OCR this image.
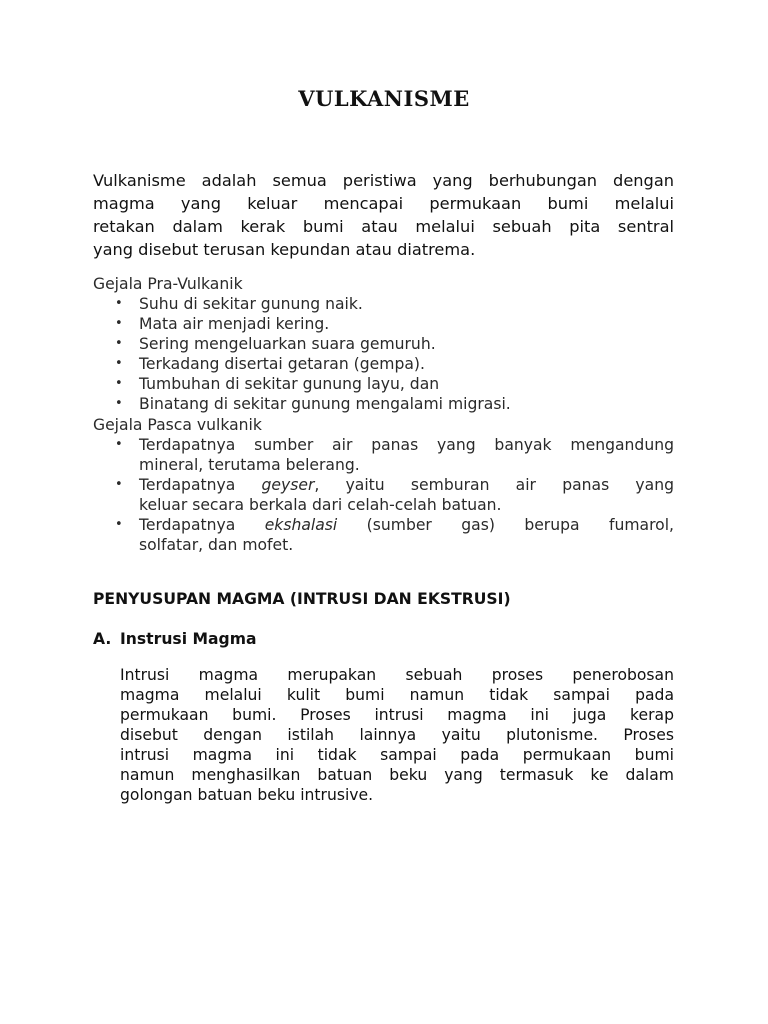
VULKANISME
Vulkanisme adalah semua peristiwa yang berhubungan dengan
magma yang keluar mencapai permukaan bumi melalui
retakan dalam kerak bumi atau melalui sebuah pita sentral
yang disebut terusan kepundan atau diatrema.
Gejala Pra-Vulkanik
• Suhu di sekitar gunung naik.
• Mata air menjadi kering.
• Sering mengeluarkan suara gemuruh.
• Terkadang disertai getaran (gempa).
• Tumbuhan di sekitar gunung layu, dan
• Binatang di sekitar gunung mengalami migrasi.
Gejala Pasca vulkanik
• Terdapatnya sumber air panas yang banyak mengandung
mineral, terutama belerang.
• Terdapatnya geyser, yaitu semburan air panas yang
keluar secara berkala dari celah-celah batuan.
• Terdapatnya ekshalasi (sumber gas) berupa fumarol,
solfatar, dan mofet.
PENYUSUPAN MAGMA (INTRUSI DAN EKSTRUSI)
A. Instrusi Magma
Intrusi magma merupakan sebuah proses penerobosan
magma melalui kulit bumi namun tidak sampai pada
permukaan bumi. Proses intrusi magma ini juga kerap
disebut dengan istilah lainnya yaitu plutonisme. Proses
intrusi magma ini tidak sampai pada permukaan bumi
namun menghasilkan batuan beku yang termasuk ke dalam
golongan batuan beku intrusive.
